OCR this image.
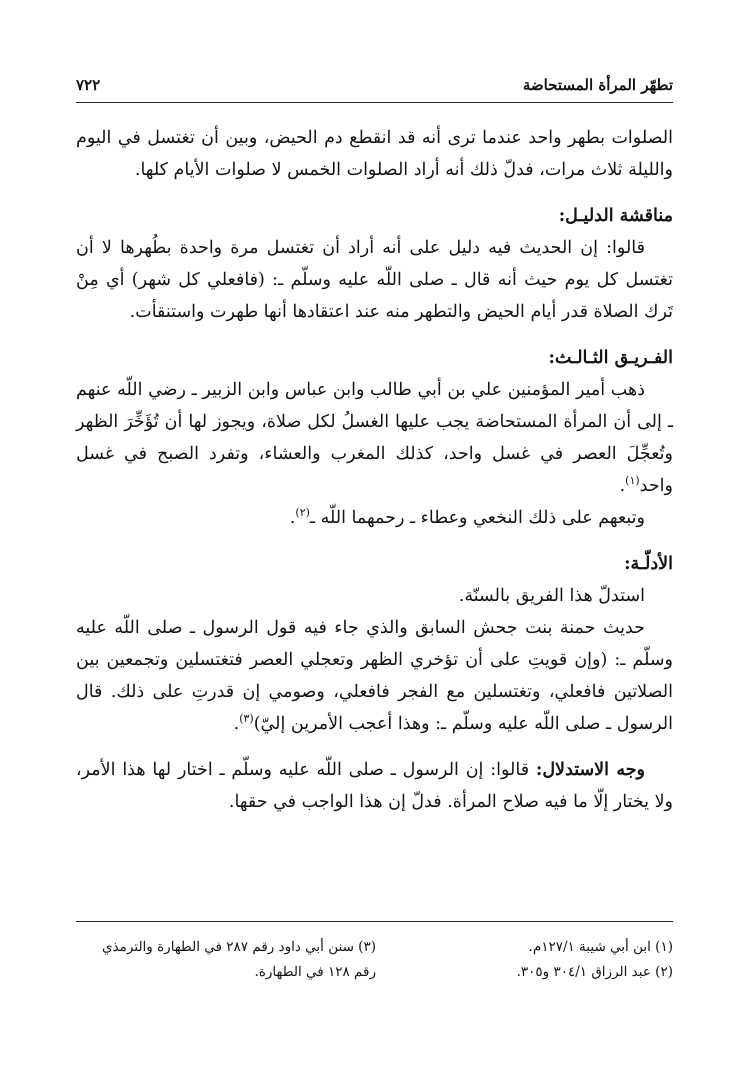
تطهّر المرأة المستحاضة
٧٢٢

الصلوات بطهر واحد عندما ترى أنه قد انقطع دم الحيض، وبين أن تغتسل في اليوم والليلة ثلاث مرات، فدلّ ذلك أنه أراد الصلوات الخمس لا صلوات الأيام كلها.

مناقشة الدليـل:

قالوا: إن الحديث فيه دليل على أنه أراد أن تغتسل مرة واحدة بطُهرها لا أن تغتسل كل يوم حيث أنه قال ـ صلى اللّه عليه وسلّم ـ: (فافعلي كل شهر) أي مِنْ تَرك الصلاة قدر أيام الحيض والتطهر منه عند اعتقادها أنها طهرت واستنقأت.

الفـريـق الثـالـث:

ذهب أمير المؤمنين علي بن أبي طالب وابن عباس وابن الزبير ـ رضي اللّه عنهم ـ إلى أن المرأة المستحاضة يجب عليها الغسلُ لكل صلاة، ويجوز لها أن تُؤَخِّرَ الظهر وتُعجِّلَ العصر في غسل واحد، كذلك المغرب والعشاء، وتفرد الصبح في غسل واحد$^{(١)}$.

وتبعهم على ذلك النخعي وعطاء ـ رحمهما اللّه ـ$^{(٢)}$.

الأدلّـة:

استدلّ هذا الفريق بالسنّة.

حديث حمنة بنت جحش السابق والذي جاء فيه قول الرسول ـ صلى اللّه عليه وسلّم ـ: (وإن قويتِ على أن تؤخري الظهر وتعجلي العصر فتغتسلين وتجمعين بين الصلاتين فافعلي، وتغتسلين مع الفجر فافعلي، وصومي إن قدرتِ على ذلك. قال الرسول ـ صلى اللّه عليه وسلّم ـ: وهذا أعجب الأمرين إليّ)$^{(٣)}$.

وجه الاستدلال: قالوا: إن الرسول ـ صلى اللّه عليه وسلّم ـ اختار لها هذا الأمر، ولا يختار إلّا ما فيه صلاح المرأة. فدلّ إن هذا الواجب في حقها.

(١) ابن أبي شيبة ١٢٧/١م.

(٢) عبد الرزاق ٣٠٤/١ و٣٠٥.

(٣) سنن أبي داود رقم ٢٨٧ في الطهارة والترمذي رقم ١٢٨ في الطهارة.
